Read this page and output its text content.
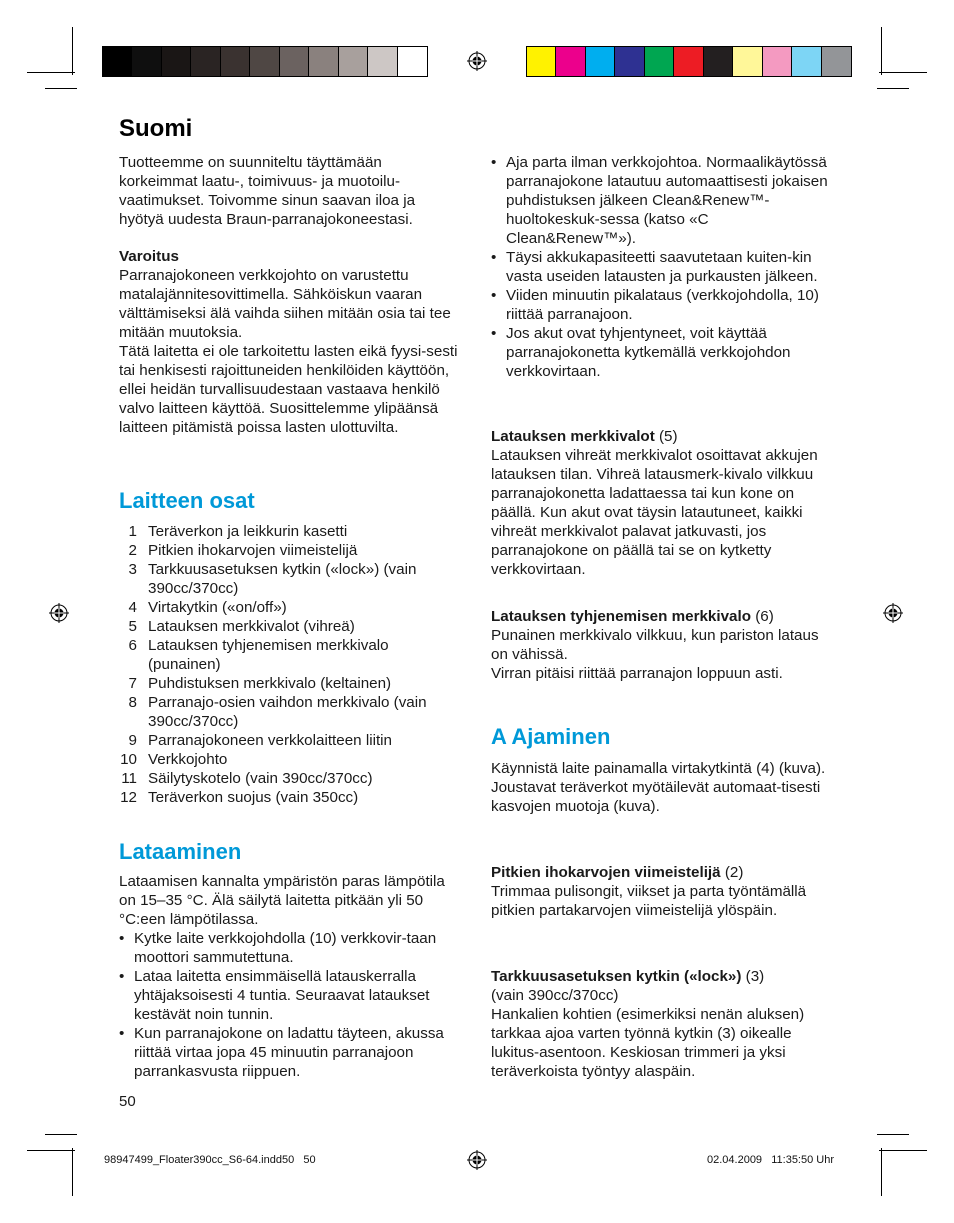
Suomi

Tuotteemme on suunniteltu täyttämään korkeimmat laatu-, toimivuus- ja muotoilu-vaatimukset. Toivomme sinun saavan iloa ja hyötyä uudesta Braun-parranajokoneestasi.

Varoitus

Parranajokoneen verkkojohto on varustettu matalajännitesovittimella. Sähköiskun vaaran välttämiseksi älä vaihda siihen mitään osia tai tee mitään muutoksia.

Tätä laitetta ei ole tarkoitettu lasten eikä fyysi-sesti tai henkisesti rajoittuneiden henkilöiden käyttöön, ellei heidän turvallisuudestaan vastaava henkilö valvo laitteen käyttöä. Suosittelemme ylipäänsä laitteen pitämistä poissa lasten ulottuvilta.

Laitteen osat
1 Teräverkon ja leikkurin kasetti
2 Pitkien ihokarvojen viimeistelijä
3 Tarkkuusasetuksen kytkin («lock») (vain 390cc/370cc)
4 Virtakytkin («on/off»)
5 Latauksen merkkivalot (vihreä)
6 Latauksen tyhjenemisen merkkivalo (punainen)
7 Puhdistuksen merkkivalo (keltainen)
8 Parranajo-osien vaihdon merkkivalo (vain 390cc/370cc)
9 Parranajokoneen verkkolaitteen liitin
10 Verkkojohto
11 Säilytyskotelo (vain 390cc/370cc)
12 Teräverkon suojus (vain 350cc)
Lataaminen

Lataamisen kannalta ympäristön paras lämpötila on 15–35 °C. Älä säilytä laitetta pitkään yli 50 °C:een lämpötilassa.

• Kytke laite verkkojohdolla (10) verkkovir-taan moottori sammutettuna.
• Lataa laitetta ensimmäisellä latauskerralla yhtäjaksoisesti 4 tuntia. Seuraavat lataukset kestävät noin tunnin.
• Kun parranajokone on ladattu täyteen, akussa riittää virtaa jopa 45 minuutin parranajoon parrankasvusta riippuen.
50
• Aja parta ilman verkkojohtoa. Normaalikäytössä parranajokone latautuu automaattisesti jokaisen puhdistuksen jälkeen Clean&Renew™-huoltokeskuk-sessa (katso «C Clean&Renew™»).
• Täysi akkukapasiteetti saavutetaan kuiten-kin vasta useiden latausten ja purkausten jälkeen.
• Viiden minuutin pikalataus (verkkojohdolla, 10) riittää parranajoon.
• Jos akut ovat tyhjentyneet, voit käyttää parranajokonetta kytkemällä verkkojohdon verkkovirtaan.

Latauksen merkkivalot (5)

Latauksen vihreät merkkivalot osoittavat akkujen latauksen tilan. Vihreä latausmerk-kivalo vilkkuu parranajokonetta ladattaessa tai kun kone on päällä. Kun akut ovat täysin latautuneet, kaikki vihreät merkkivalot palavat jatkuvasti, jos parranajokone on päällä tai se on kytketty verkkovirtaan.

Latauksen tyhjenemisen merkkivalo (6)

Punainen merkkivalo vilkkuu, kun pariston lataus on vähissä.

Virran pitäisi riittää parranajon loppuun asti.

A Ajaminen

Käynnistä laite painamalla virtakytkintä (4) (kuva).

Joustavat teräverkot myötäilevät automaat-tisesti kasvojen muotoja (kuva).

Pitkien ihokarvojen viimeistelijä (2)

Trimmaa pulisongit, viikset ja parta työntämällä pitkien partakarvojen viimeistelijä ylöspäin.

Tarkkuusasetuksen kytkin («lock») (3)

(vain 390cc/370cc)

Hankalien kohtien (esimerkiksi nenän aluksen) tarkkaa ajoa varten työnnä kytkin (3) oikealle lukitus-asentoon. Keskiosan trimmeri ja yksi teräverkoista työntyy alaspäin.

98947499_Floater390cc_S6-64.indd50   50	02.04.2009   11:35:50 Uhr
